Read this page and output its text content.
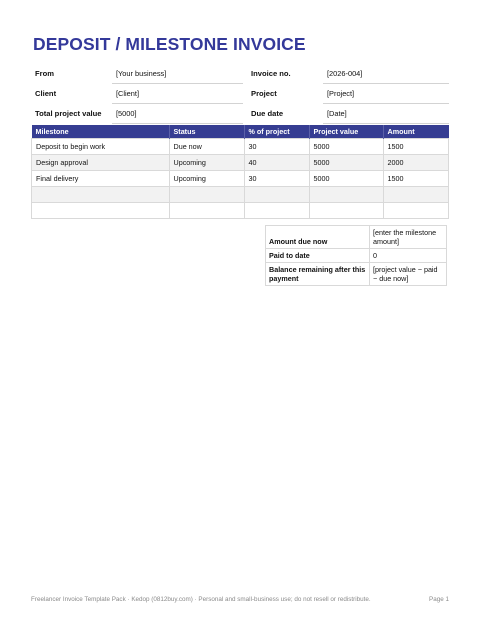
DEPOSIT / MILESTONE INVOICE
From	[Your business]		Invoice no.	[2026-004]
Client	[Client]		Project	[Project]
Total project value	[5000]		Due date	[Date]
Milestone	Status	% of project	Project value	Amount
Deposit to begin work	Due now	30	5000	1500
Design approval	Upcoming	40	5000	2000
Final delivery	Upcoming	30	5000	1500

Amount due now	[enter the milestone amount]
Paid to date	0
Balance remaining after this payment	[project value − paid − due now]
Freelancer Invoice Template Pack · Kedop (0812buy.com) · Personal and small-business use; do not resell or redistribute.	Page 1
